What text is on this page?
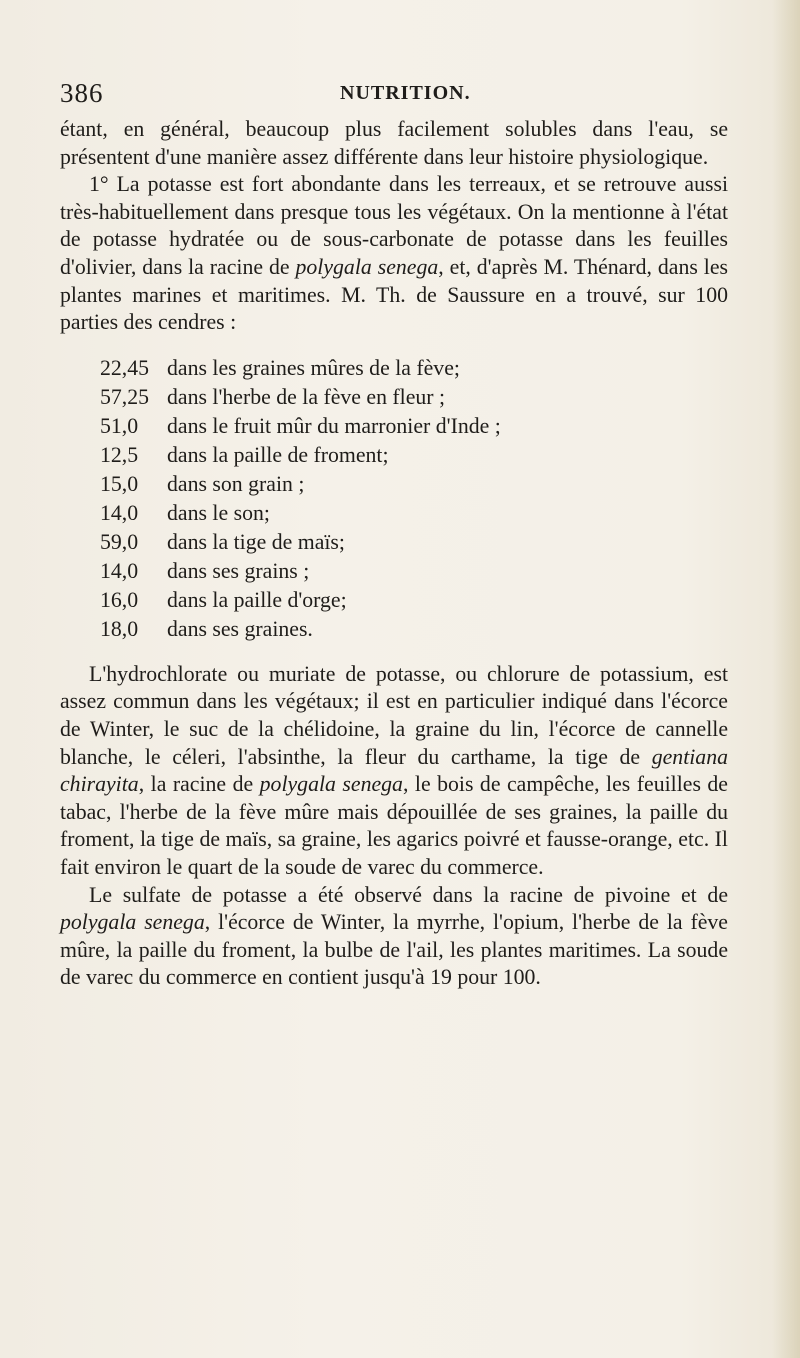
386	NUTRITION.

étant, en général, beaucoup plus facilement solubles dans l'eau, se présentent d'une manière assez différente dans leur histoire physiologique.

1° La potasse est fort abondante dans les terreaux, et se retrouve aussi très-habituellement dans presque tous les végétaux. On la mentionne à l'état de potasse hydratée ou de sous-carbonate de potasse dans les feuilles d'olivier, dans la racine de polygala senega, et, d'après M. Thénard, dans les plantes marines et maritimes. M. Th. de Saussure en a trouvé, sur 100 parties des cendres :

22,45 dans les graines mûres de la fève;
57,25 dans l'herbe de la fève en fleur ;
51,0	dans le fruit mûr du marronier d'Inde ;
12,5	dans la paille de froment;
15,0	dans son grain ;
14,0	dans le son;
59,0	dans la tige de maïs;
14,0	dans ses grains ;
16,0	dans la paille d'orge;
18,0	dans ses graines.

L'hydrochlorate ou muriate de potasse, ou chlorure de potassium, est assez commun dans les végétaux; il est en particulier indiqué dans l'écorce de Winter, le suc de la chélidoine, la graine du lin, l'écorce de cannelle blanche, le céleri, l'absinthe, la fleur du carthame, la tige de gentiana chirayita, la racine de polygala senega, le bois de campêche, les feuilles de tabac, l'herbe de la fève mûre mais dépouillée de ses graines, la paille du froment, la tige de maïs, sa graine, les agarics poivré et fausse-orange, etc. Il fait environ le quart de la soude de varec du commerce.

Le sulfate de potasse a été observé dans la racine de pivoine et de polygala senega, l'écorce de Winter, la myrrhe, l'opium, l'herbe de la fève mûre, la paille du froment, la bulbe de l'ail, les plantes maritimes. La soude de varec du commerce en contient jusqu'à 19 pour 100.
